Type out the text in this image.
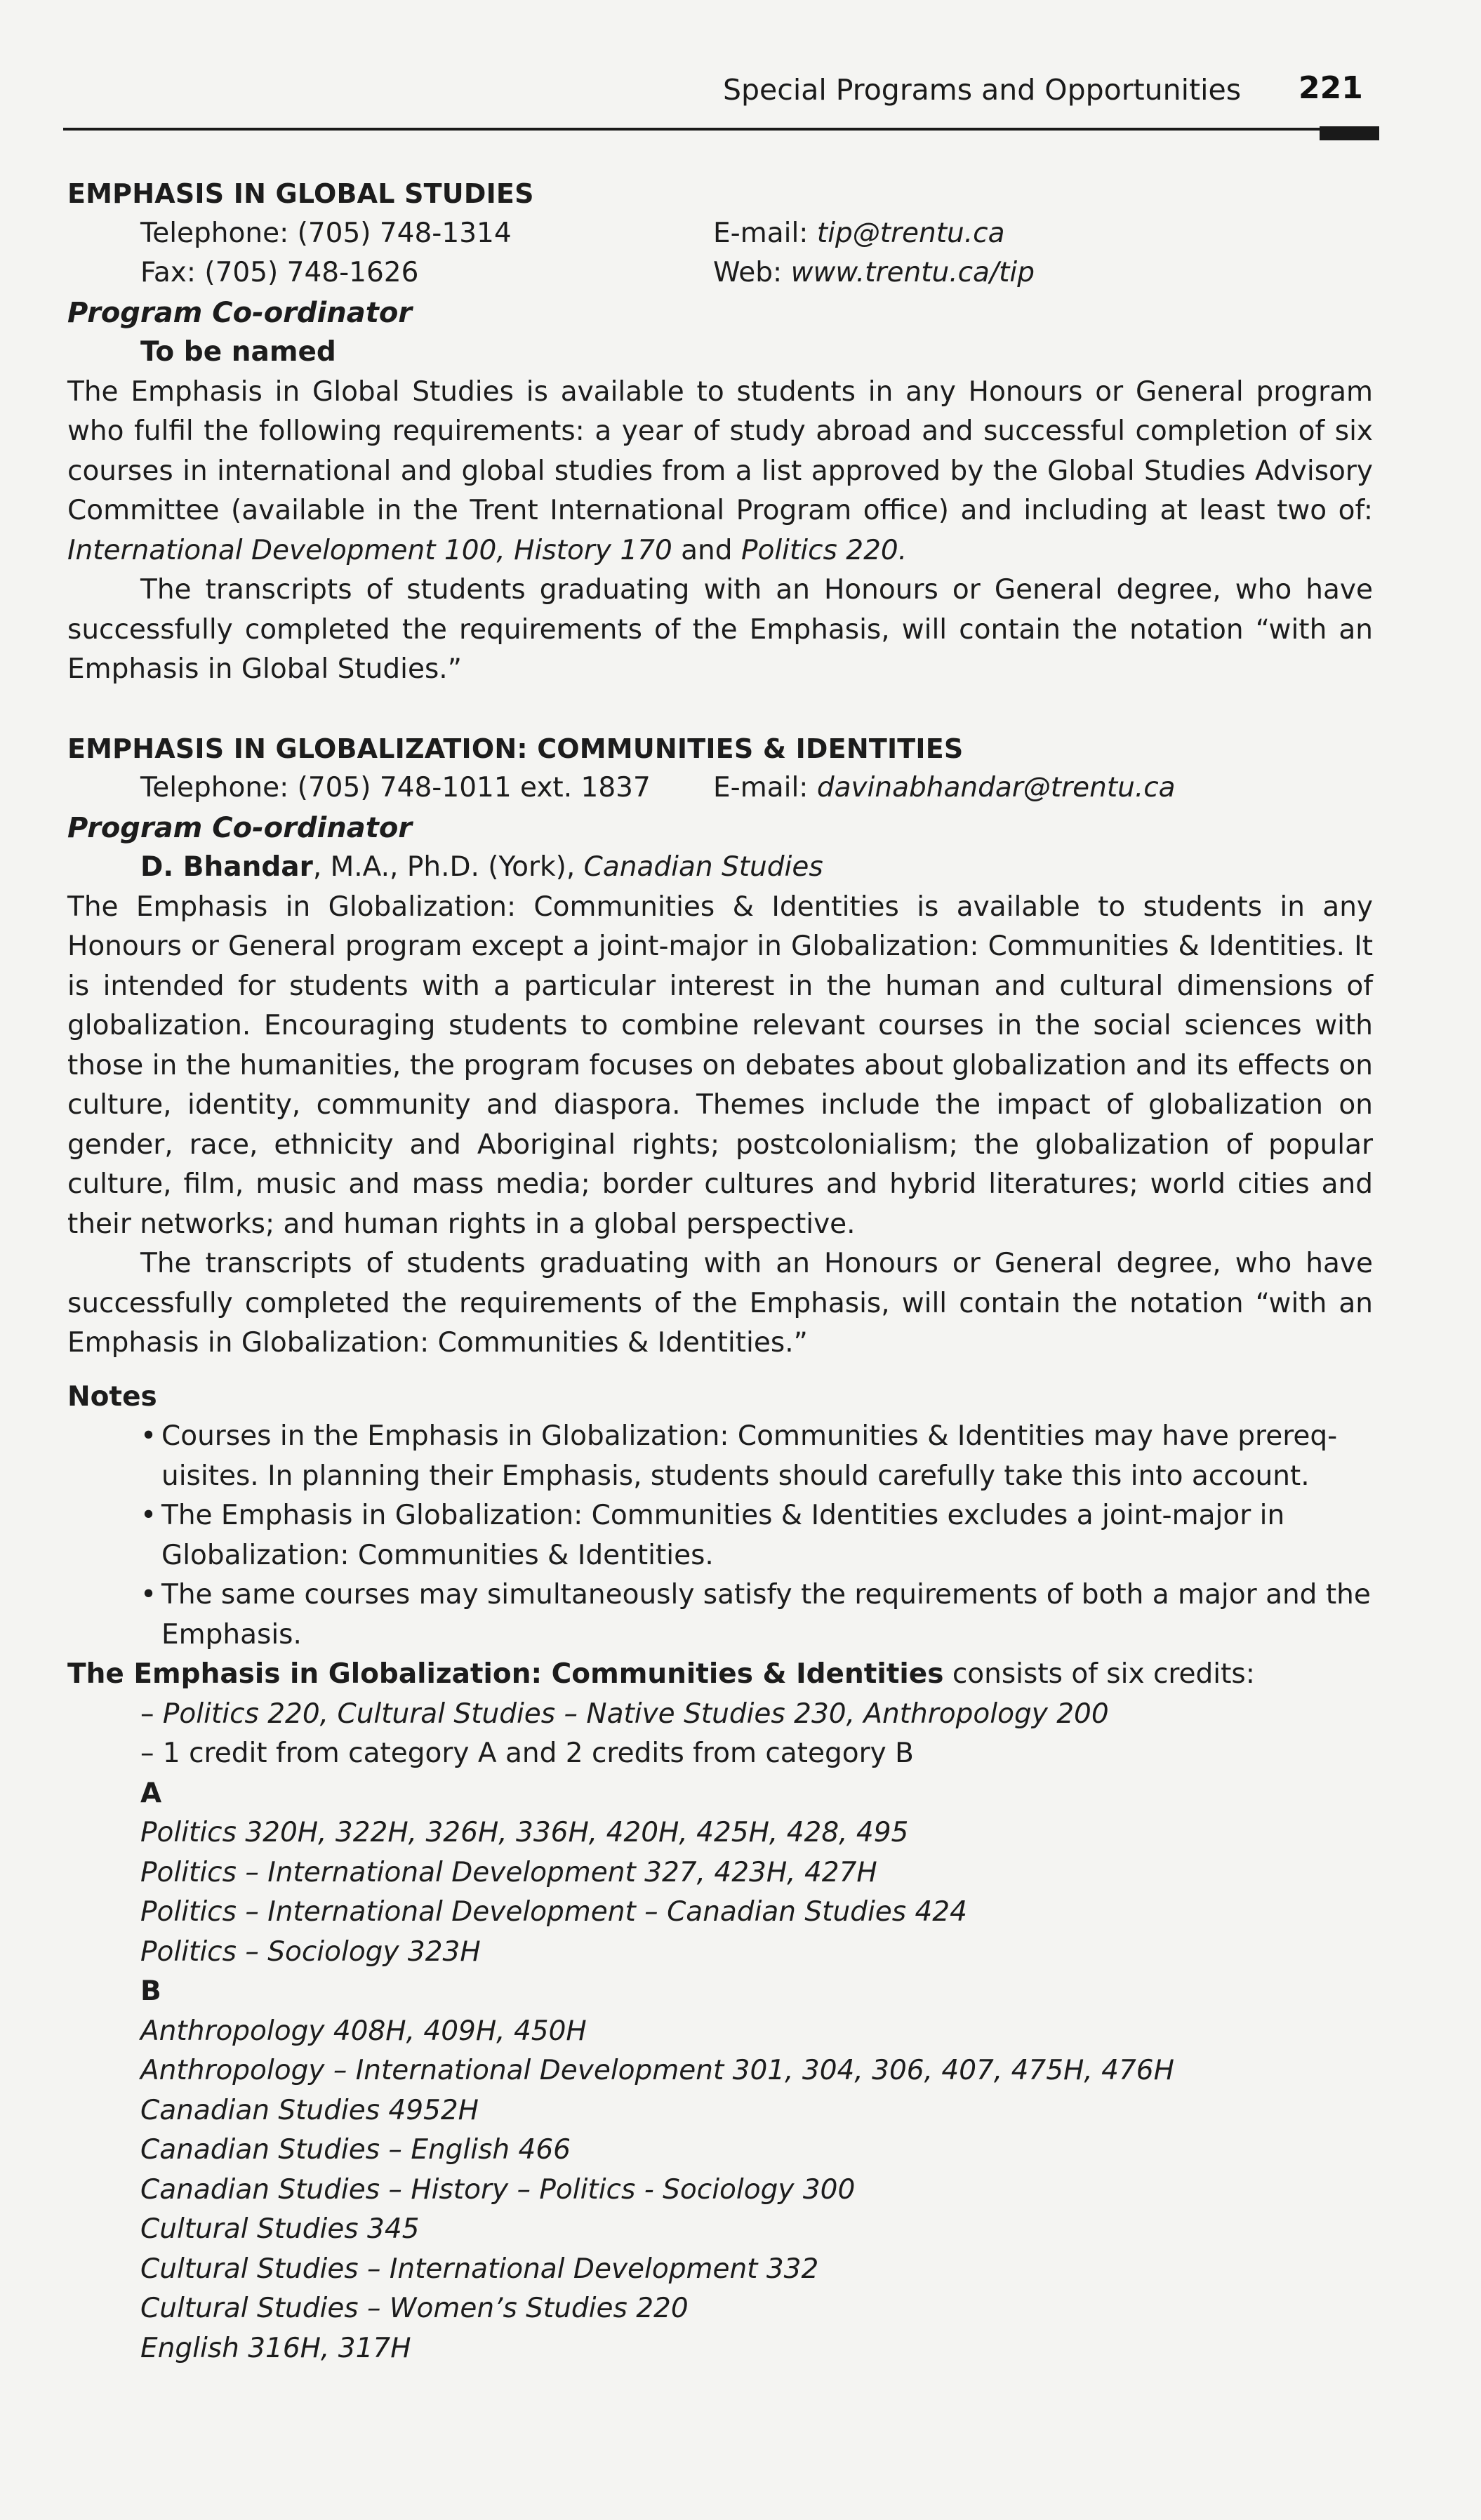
Special Programs and Opportunities 221
EMPHASIS IN GLOBAL STUDIES
Telephone: (705) 748-1314	E-mail: tip@trentu.ca
Fax: (705) 748-1626	Web: www.trentu.ca/tip
Program Co-ordinator
To be named

The Emphasis in Global Studies is available to students in any Honours or General program who fulfil the following requirements: a year of study abroad and successful completion of six courses in international and global studies from a list approved by the Global Studies Advisory Committee (available in the Trent International Program office) and including at least two of: International Development 100, History 170 and Politics 220.

The transcripts of students graduating with an Honours or General degree, who have successfully completed the requirements of the Emphasis, will contain the notation “with an Emphasis in Global Studies.”

EMPHASIS IN GLOBALIZATION: COMMUNITIES & IDENTITIES
Telephone: (705) 748-1011 ext. 1837	E-mail: davinabhandar@trentu.ca
Program Co-ordinator
D. Bhandar, M.A., Ph.D. (York), Canadian Studies

The Emphasis in Globalization: Communities & Identities is available to students in any Honours or General program except a joint-major in Globalization: Communities & Identities. It is intended for students with a particular interest in the human and cultural dimensions of globalization. Encouraging students to combine relevant courses in the social sciences with those in the humanities, the program focuses on debates about globalization and its effects on culture, identity, community and diaspora. Themes include the impact of globalization on gender, race, ethnicity and Aboriginal rights; postcolonialism; the globalization of popular culture, film, music and mass media; border cultures and hybrid literatures; world cities and their networks; and human rights in a global perspective.

The transcripts of students graduating with an Honours or General degree, who have successfully completed the requirements of the Emphasis, will contain the notation “with an Emphasis in Globalization: Communities & Identities.”

Notes
• Courses in the Emphasis in Globalization: Communities & Identities may have prereq-uisites. In planning their Emphasis, students should carefully take this into account.
• The Emphasis in Globalization: Communities & Identities excludes a joint-major in Globalization: Communities & Identities.
• The same courses may simultaneously satisfy the requirements of both a major and the Emphasis.
The Emphasis in Globalization: Communities & Identities consists of six credits:
– Politics 220, Cultural Studies – Native Studies 230, Anthropology 200
– 1 credit from category A and 2 credits from category B
A
Politics 320H, 322H, 326H, 336H, 420H, 425H, 428, 495
Politics – International Development 327, 423H, 427H
Politics – International Development – Canadian Studies 424
Politics – Sociology 323H
B
Anthropology 408H, 409H, 450H
Anthropology – International Development 301, 304, 306, 407, 475H, 476H
Canadian Studies 4952H
Canadian Studies – English 466
Canadian Studies – History – Politics - Sociology 300
Cultural Studies 345
Cultural Studies – International Development 332
Cultural Studies – Women’s Studies 220
English 316H, 317H
